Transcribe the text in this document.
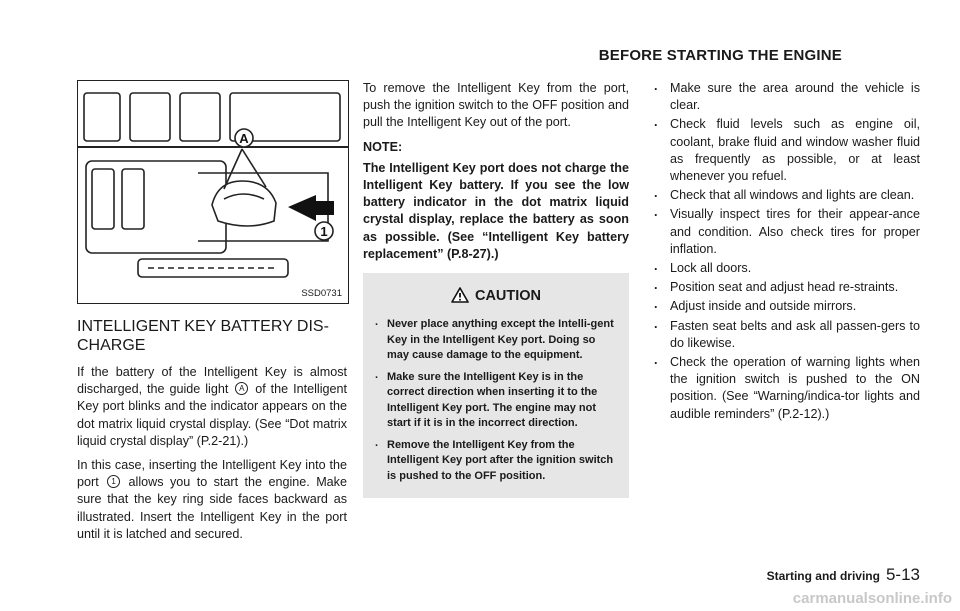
BEFORE STARTING THE ENGINE
A
1
SSD0731
INTELLIGENT KEY BATTERY DIS-CHARGE

If the battery of the Intelligent Key is almost discharged, the guide light A of the Intelligent Key port blinks and the indicator appears on the dot matrix liquid crystal display. (See “Dot matrix liquid crystal display” (P.2-21).)

In this case, inserting the Intelligent Key into the port 1 allows you to start the engine. Make sure that the key ring side faces backward as illustrated. Insert the Intelligent Key in the port until it is latched and secured.

To remove the Intelligent Key from the port, push the ignition switch to the OFF position and pull the Intelligent Key out of the port.

NOTE:

The Intelligent Key port does not charge the Intelligent Key battery. If you see the low battery indicator in the dot matrix liquid crystal display, replace the battery as soon as possible. (See “Intelligent Key battery replacement” (P.8-27).)

CAUTION
. Never place anything except the Intelli-gent Key in the Intelligent Key port. Doing so may cause damage to the equipment.
. Make sure the Intelligent Key is in the correct direction when inserting it to the Intelligent Key port. The engine may not start if it is in the incorrect direction.
. Remove the Intelligent Key from the Intelligent Key port after the ignition switch is pushed to the OFF position.
. Make sure the area around the vehicle is clear.
. Check fluid levels such as engine oil, coolant, brake fluid and window washer fluid as frequently as possible, or at least whenever you refuel.
. Check that all windows and lights are clean.
. Visually inspect tires for their appear-ance and condition. Also check tires for proper inflation.
. Lock all doors.
. Position seat and adjust head re-straints.
. Adjust inside and outside mirrors.
. Fasten seat belts and ask all passen-gers to do likewise.
. Check the operation of warning lights when the ignition switch is pushed to the ON position. (See “Warning/indica-tor lights and audible reminders” (P.2-12).)
Starting and driving 5-13
carmanualsonline.info
